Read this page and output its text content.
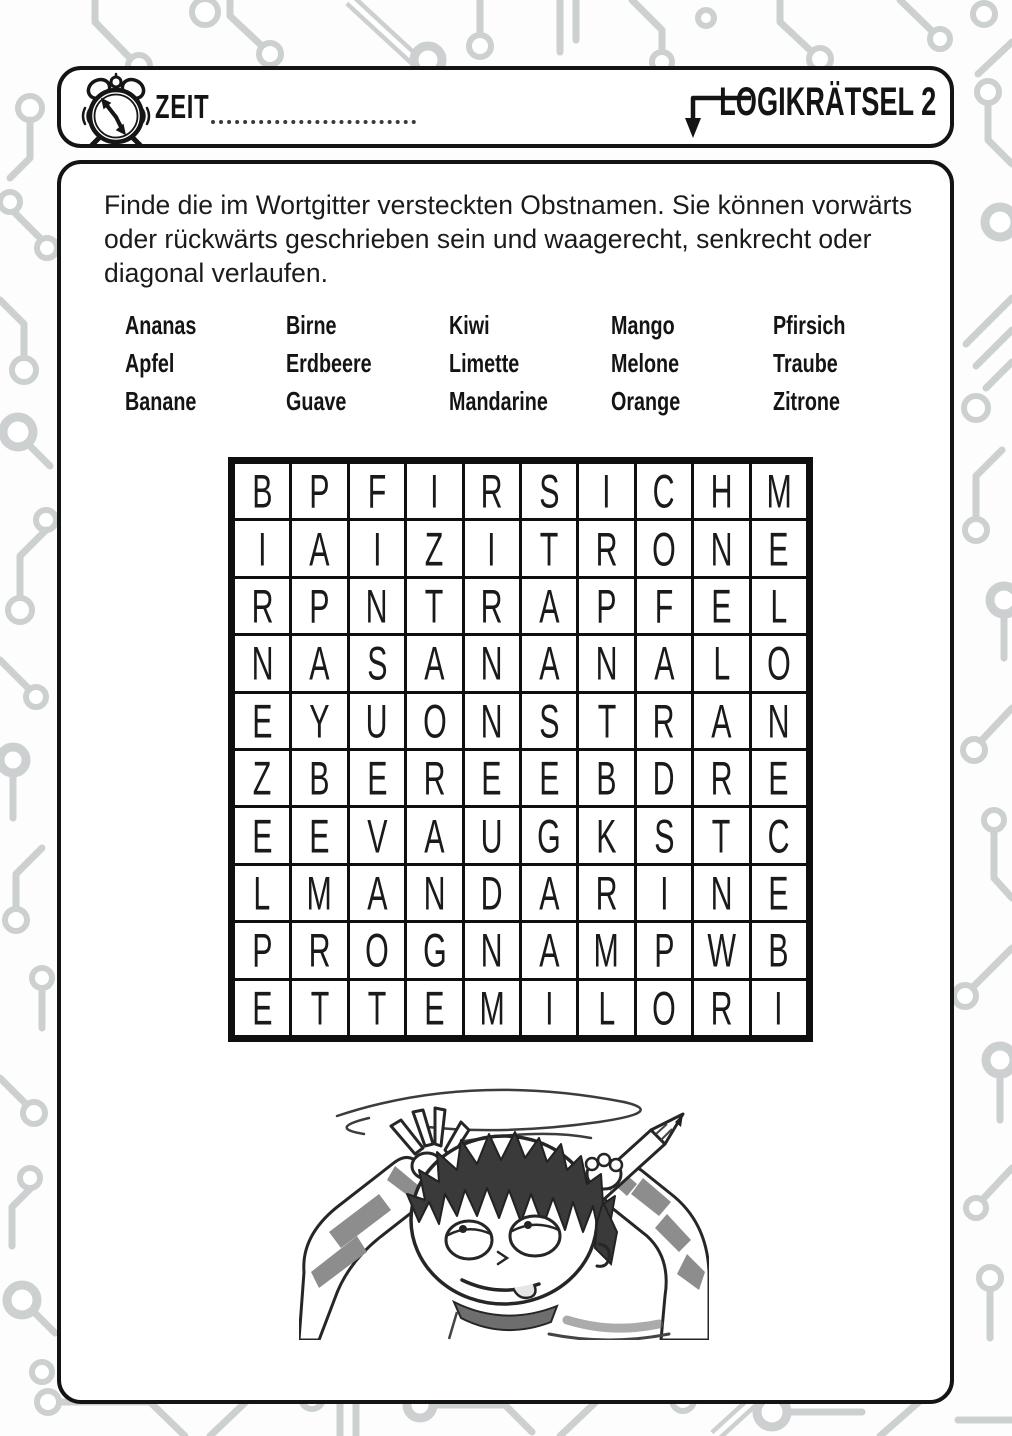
ZEIT	LOGIKRÄTSEL 2

Finde die im Wortgitter versteckten Obstnamen. Sie können vorwärts oder rückwärts geschrieben sein und waagerecht, senkrecht oder diagonal verlaufen.

Ananas
Apfel
Banane
Birne
Erdbeere
Guave
Kiwi
Limette
Mandarine
Mango
Melone
Orange
Pfirsich
Traube
Zitrone
B P F I R S I C H M
I A I Z I T R O N E
R P N T R A P F E L
N A S A N A N A L O
E Y U O N S T R A N
Z B E R E E B D R E
E E V A U G K S T C
L M A N D A R I N E
P R O G N A M P W B
E T T E M I L O R I
